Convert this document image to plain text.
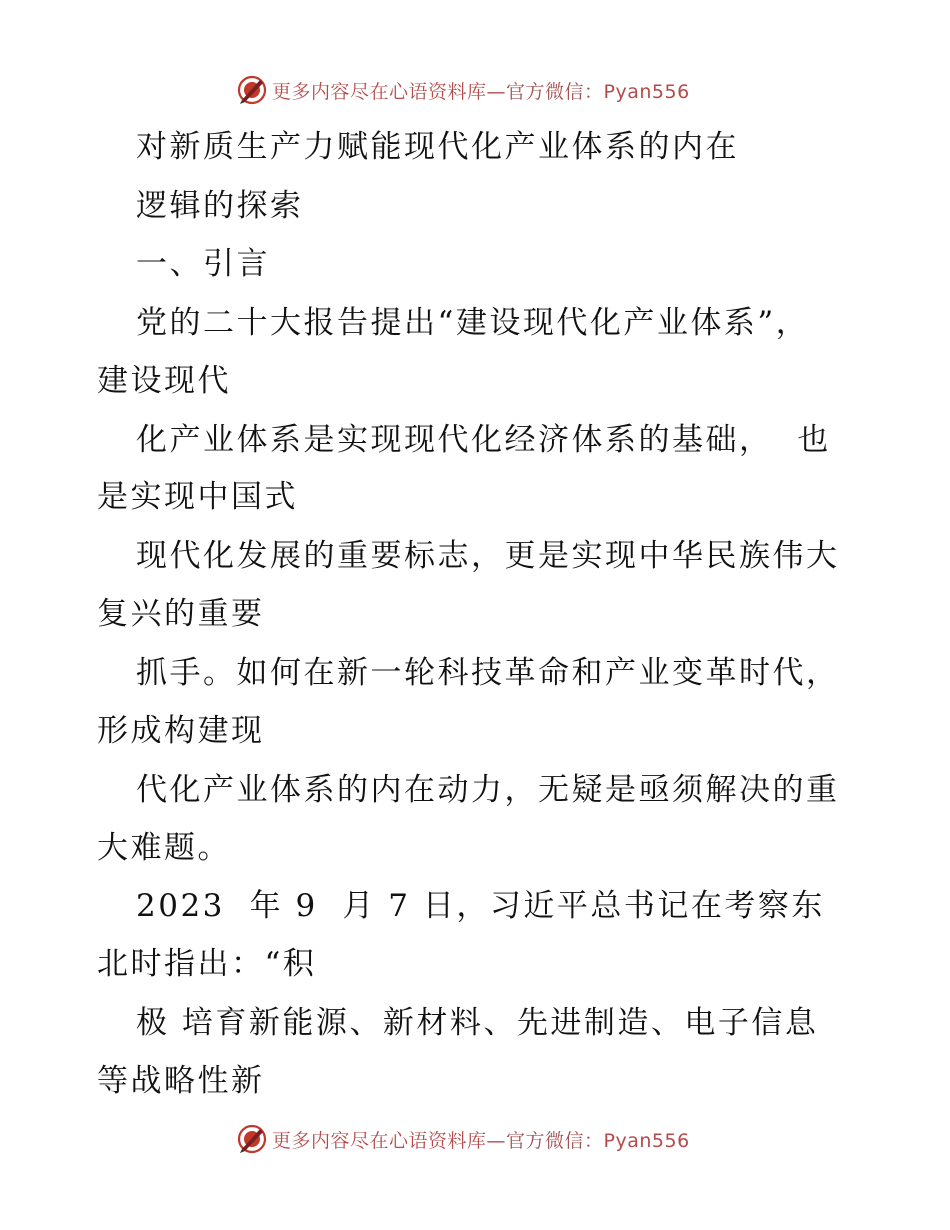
更多内容尽在心语资料库—官方微信：Pyan556
对新质生产力赋能现代化产业体系的内在
逻辑的探索
一、引言
党的二十大报告提出“建设现代化产业体系”，
建设现代
化产业体系是实现现代化经济体系的基础，  也
是实现中国式
现代化发展的重要标志，更是实现中华民族伟大
复兴的重要
抓手。如何在新一轮科技革命和产业变革时代，
形成构建现
代化产业体系的内在动力，无疑是亟须解决的重
大难题。
2023  年 9  月 7 日，习近平总书记在考察东
北时指出：“积
极 培育新能源、新材料、先进制造、电子信息
等战略性新
更多内容尽在心语资料库—官方微信：Pyan556
